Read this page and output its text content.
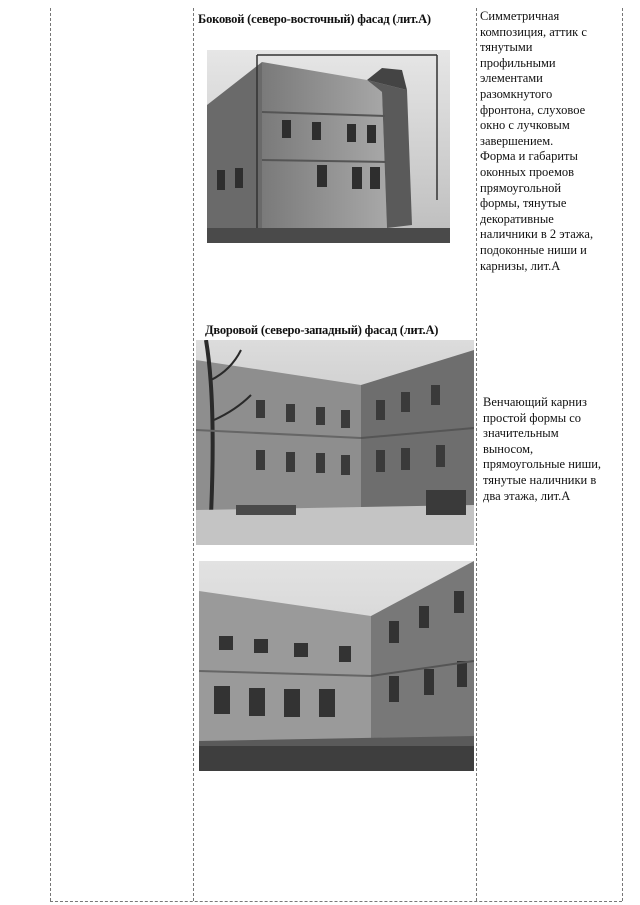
Боковой (северо-восточный) фасад (лит.А)	Симметричная
композиция, аттик с
тянутыми
профильными
элементами
разомкнутого
фронтона, слуховое
окно с лучковым
завершением.
Форма и габариты
оконных проемов
прямоугольной
формы, тянутые
декоративные
наличники в 2 этажа,
подоконные ниши и
карнизы, лит.А
Дворовой (северо-западный) фасад (лит.А)
Венчающий карниз
простой формы со
значительным
выносом,
прямоугольные ниши,
тянутые наличники в
два этажа, лит.А
